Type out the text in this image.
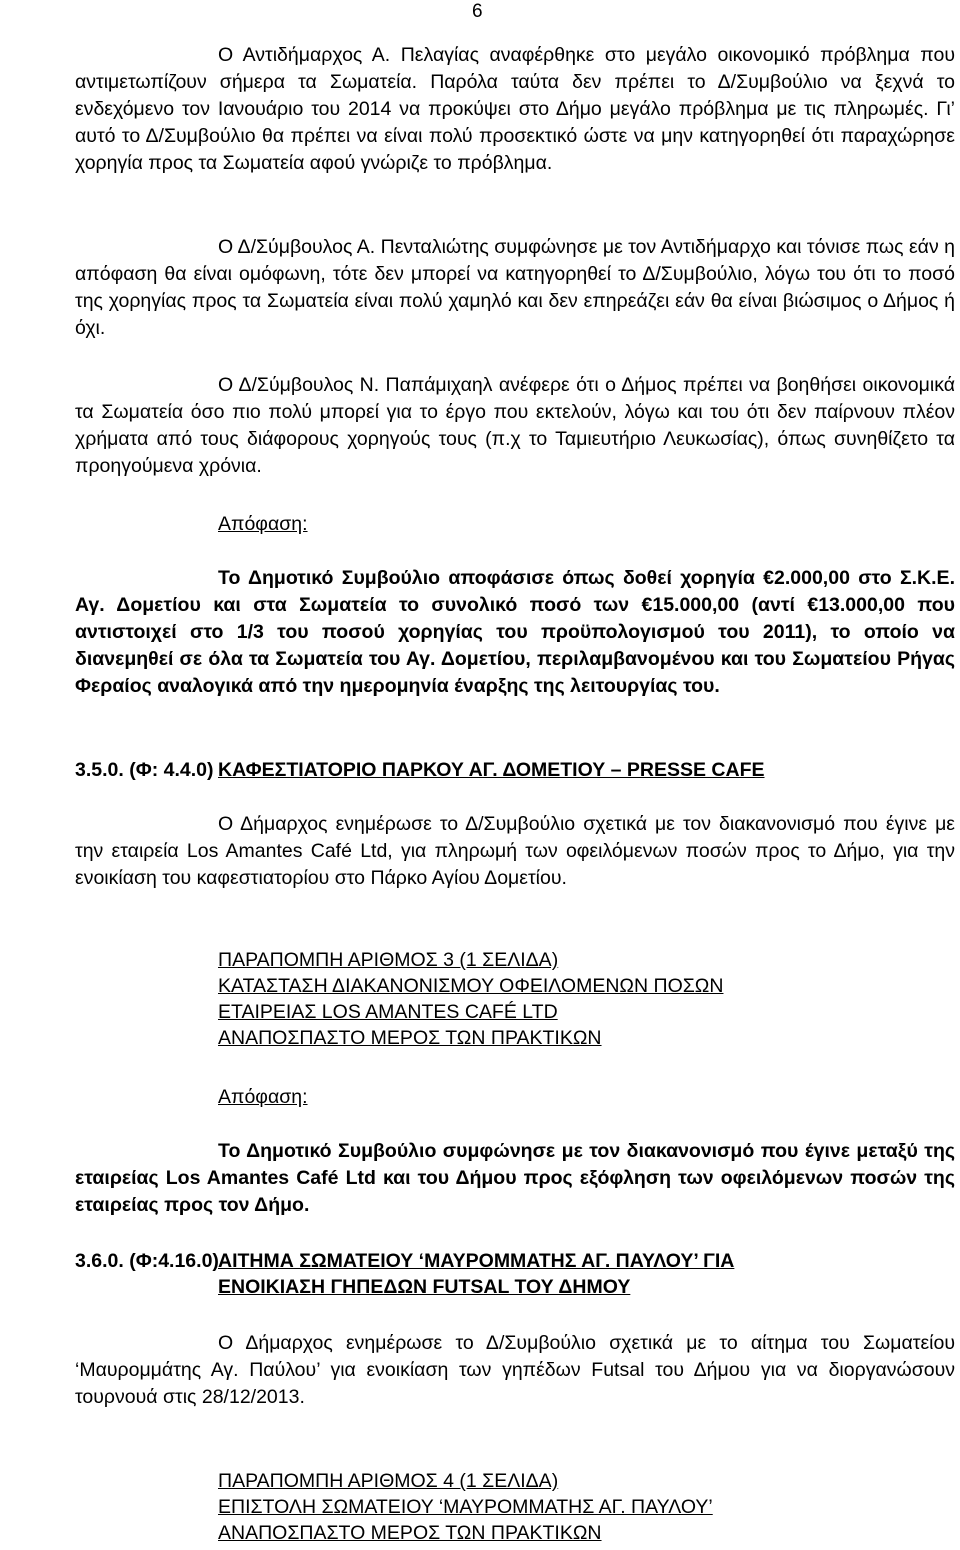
6

Ο Αντιδήμαρχος Α. Πελαγίας αναφέρθηκε στο μεγάλο οικονομικό πρόβλημα που αντιμετωπίζουν σήμερα τα Σωματεία. Παρόλα ταύτα δεν πρέπει το Δ/Συμβούλιο να ξεχνά το ενδεχόμενο τον Ιανουάριο του 2014 να προκύψει στο Δήμο μεγάλο πρόβλημα με τις πληρωμές. Γι’ αυτό το Δ/Συμβούλιο θα πρέπει να είναι πολύ προσεκτικό ώστε να μην κατηγορηθεί ότι παραχώρησε χορηγία προς τα Σωματεία αφού γνώριζε το πρόβλημα.

Ο Δ/Σύμβουλος Α. Πενταλιώτης συμφώνησε με τον Αντιδήμαρχο και τόνισε πως εάν η απόφαση θα είναι ομόφωνη, τότε δεν μπορεί να κατηγορηθεί το Δ/Συμβούλιο, λόγω του ότι το ποσό της χορηγίας προς τα Σωματεία είναι πολύ χαμηλό και δεν επηρεάζει εάν θα είναι βιώσιμος ο Δήμος ή όχι.

Ο Δ/Σύμβουλος Ν. Παπάμιχαηλ ανέφερε ότι ο Δήμος πρέπει να βοηθήσει οικονομικά τα Σωματεία όσο πιο πολύ μπορεί για το έργο που εκτελούν, λόγω και του ότι δεν παίρνουν πλέον χρήματα από τους διάφορους χορηγούς τους (π.χ το Ταμιευτήριο Λευκωσίας), όπως συνηθίζετο τα προηγούμενα χρόνια.

Απόφαση:

Το Δημοτικό Συμβούλιο αποφάσισε όπως δοθεί χορηγία €2.000,00 στο Σ.Κ.Ε. Αγ. Δομετίου και στα Σωματεία το συνολικό ποσό των €15.000,00 (αντί €13.000,00 που αντιστοιχεί στο 1/3 του ποσού χορηγίας του προϋπολογισμού του 2011), το οποίο να διανεμηθεί σε όλα τα Σωματεία του Αγ. Δομετίου, περιλαμβανομένου και του Σωματείου Ρήγας Φεραίος αναλογικά από την ημερομηνία έναρξης της λειτουργίας του.

3.5.0. (Φ: 4.4.0) ΚΑΦΕΣΤΙΑΤΟΡΙΟ ΠΑΡΚΟΥ ΑΓ. ΔΟΜΕΤΙΟΥ – PRESSE CAFE

Ο Δήμαρχος ενημέρωσε το Δ/Συμβούλιο σχετικά με τον διακανονισμό που έγινε με την εταιρεία Los Amantes Café Ltd, για πληρωμή των οφειλόμενων ποσών προς το Δήμο, για την ενοικίαση του καφεστιατορίου στο Πάρκο Αγίου Δομετίου.

ΠΑΡΑΠΟΜΠΗ ΑΡΙΘΜΟΣ 3 (1 ΣΕΛΙΔΑ)
ΚΑΤΑΣΤΑΣΗ ΔΙΑΚΑΝΟΝΙΣΜΟΥ ΟΦΕΙΛΟΜΕΝΩΝ ΠΟΣΩΝ
ΕΤΑΙΡΕΙΑΣ LOS AMANTES CAFÉ LTD
ΑΝΑΠΟΣΠΑΣΤΟ ΜΕΡΟΣ ΤΩΝ ΠΡΑΚΤΙΚΩΝ
Απόφαση:

Το Δημοτικό Συμβούλιο συμφώνησε με τον διακανονισμό που έγινε μεταξύ της εταιρείας Los Amantes Café Ltd και του Δήμου προς εξόφληση των οφειλόμενων ποσών της εταιρείας προς τον Δήμο.

3.6.0. (Φ:4.16.0) ΑΙΤΗΜΑ ΣΩΜΑΤΕΙΟΥ ‘ΜΑΥΡΟΜΜΑΤΗΣ ΑΓ. ΠΑΥΛΟΥ’ ΓΙΑ
ΕΝΟΙΚΙΑΣΗ ΓΗΠΕΔΩΝ FUTSAL ΤΟΥ ΔΗΜΟΥ

Ο Δήμαρχος ενημέρωσε το Δ/Συμβούλιο σχετικά με το αίτημα του Σωματείου ‘Μαυρομμάτης Αγ. Παύλου’ για ενοικίαση των γηπέδων Futsal του Δήμου για να διοργανώσουν τουρνουά στις 28/12/2013.

ΠΑΡΑΠΟΜΠΗ ΑΡΙΘΜΟΣ 4 (1 ΣΕΛΙΔΑ)
ΕΠΙΣΤΟΛΗ ΣΩΜΑΤΕΙΟΥ ‘ΜΑΥΡΟΜΜΑΤΗΣ ΑΓ. ΠΑΥΛΟΥ’
ΑΝΑΠΟΣΠΑΣΤΟ ΜΕΡΟΣ ΤΩΝ ΠΡΑΚΤΙΚΩΝ
